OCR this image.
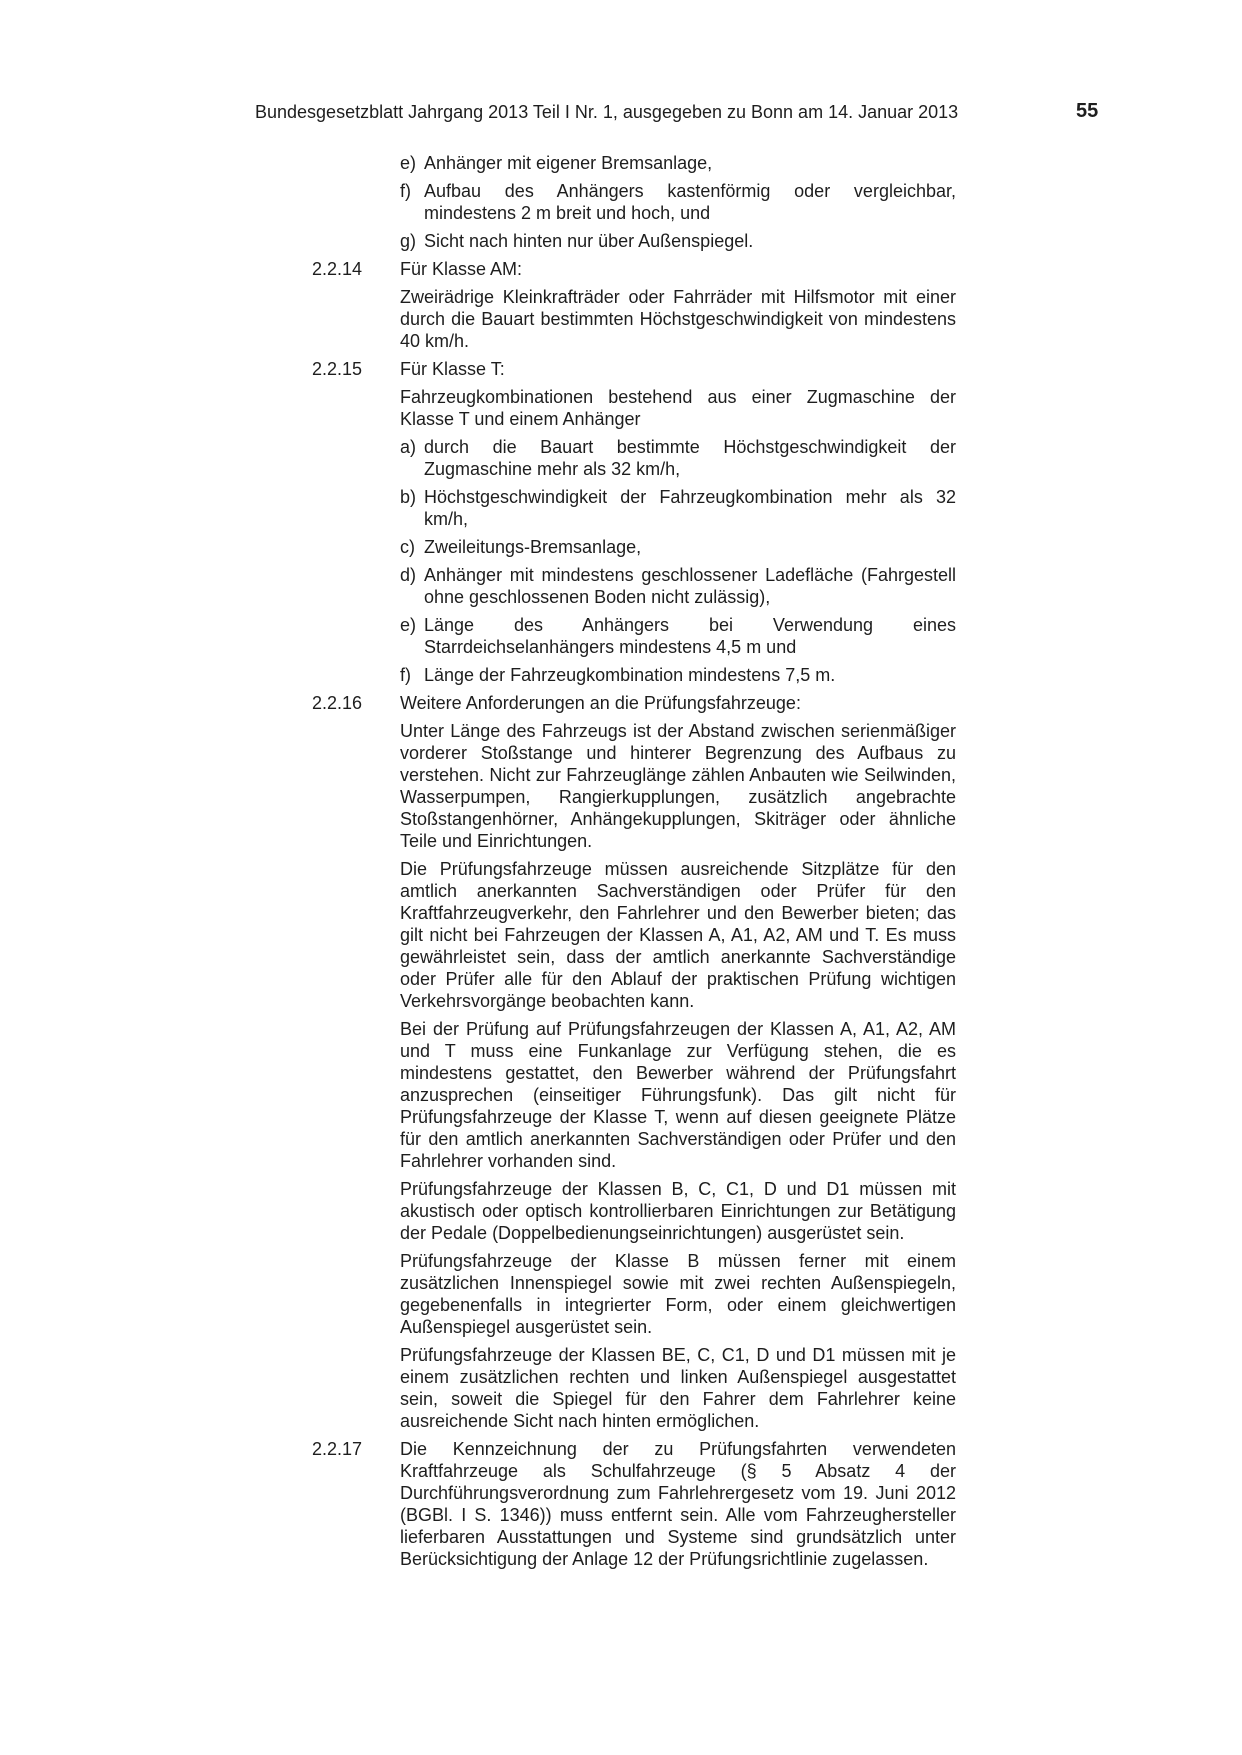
Bundesgesetzblatt Jahrgang 2013 Teil I Nr. 1, ausgegeben zu Bonn am 14. Januar 2013	55
e) Anhänger mit eigener Bremsanlage,
f) Aufbau des Anhängers kastenförmig oder vergleichbar, mindestens 2 m breit und hoch, und
g) Sicht nach hinten nur über Außenspiegel.
2.2.14	Für Klasse AM:
Zweirädrige Kleinkrafträder oder Fahrräder mit Hilfsmotor mit einer durch die Bauart bestimmten Höchstgeschwindigkeit von mindestens 40 km/h.
2.2.15	Für Klasse T:
Fahrzeugkombinationen bestehend aus einer Zugmaschine der Klasse T und einem Anhänger
a) durch die Bauart bestimmte Höchstgeschwindigkeit der Zugmaschine mehr als 32 km/h,
b) Höchstgeschwindigkeit der Fahrzeugkombination mehr als 32 km/h,
c) Zweileitungs-Bremsanlage,
d) Anhänger mit mindestens geschlossener Ladefläche (Fahrgestell ohne geschlossenen Boden nicht zulässig),
e) Länge des Anhängers bei Verwendung eines Starrdeichselanhängers mindestens 4,5 m und
f) Länge der Fahrzeugkombination mindestens 7,5 m.
2.2.16	Weitere Anforderungen an die Prüfungsfahrzeuge:
Unter Länge des Fahrzeugs ist der Abstand zwischen serienmäßiger vorderer Stoßstange und hinterer Begrenzung des Aufbaus zu verstehen. Nicht zur Fahrzeuglänge zählen Anbauten wie Seilwinden, Wasserpumpen, Rangierkupplungen, zusätzlich angebrachte Stoßstangenhörner, Anhängekupplungen, Skiträger oder ähnliche Teile und Einrichtungen.
Die Prüfungsfahrzeuge müssen ausreichende Sitzplätze für den amtlich anerkannten Sachverständigen oder Prüfer für den Kraftfahrzeugverkehr, den Fahrlehrer und den Bewerber bieten; das gilt nicht bei Fahrzeugen der Klassen A, A1, A2, AM und T. Es muss gewährleistet sein, dass der amtlich anerkannte Sachverständige oder Prüfer alle für den Ablauf der praktischen Prüfung wichtigen Verkehrsvorgänge beobachten kann.
Bei der Prüfung auf Prüfungsfahrzeugen der Klassen A, A1, A2, AM und T muss eine Funkanlage zur Verfügung stehen, die es mindestens gestattet, den Bewerber während der Prüfungsfahrt anzusprechen (einseitiger Führungsfunk). Das gilt nicht für Prüfungsfahrzeuge der Klasse T, wenn auf diesen geeignete Plätze für den amtlich anerkannten Sachverständigen oder Prüfer und den Fahrlehrer vorhanden sind.
Prüfungsfahrzeuge der Klassen B, C, C1, D und D1 müssen mit akustisch oder optisch kontrollierbaren Einrichtungen zur Betätigung der Pedale (Doppelbedienungseinrichtungen) ausgerüstet sein.
Prüfungsfahrzeuge der Klasse B müssen ferner mit einem zusätzlichen Innenspiegel sowie mit zwei rechten Außenspiegeln, gegebenenfalls in integrierter Form, oder einem gleichwertigen Außenspiegel ausgerüstet sein.
Prüfungsfahrzeuge der Klassen BE, C, C1, D und D1 müssen mit je einem zusätzlichen rechten und linken Außenspiegel ausgestattet sein, soweit die Spiegel für den Fahrer dem Fahrlehrer keine ausreichende Sicht nach hinten ermöglichen.
2.2.17	Die Kennzeichnung der zu Prüfungsfahrten verwendeten Kraftfahrzeuge als Schulfahrzeuge (§ 5 Absatz 4 der Durchführungsverordnung zum Fahrlehrergesetz vom 19. Juni 2012 (BGBl. I S. 1346)) muss entfernt sein. Alle vom Fahrzeughersteller lieferbaren Ausstattungen und Systeme sind grundsätzlich unter Berücksichtigung der Anlage 12 der Prüfungsrichtlinie zugelassen.
